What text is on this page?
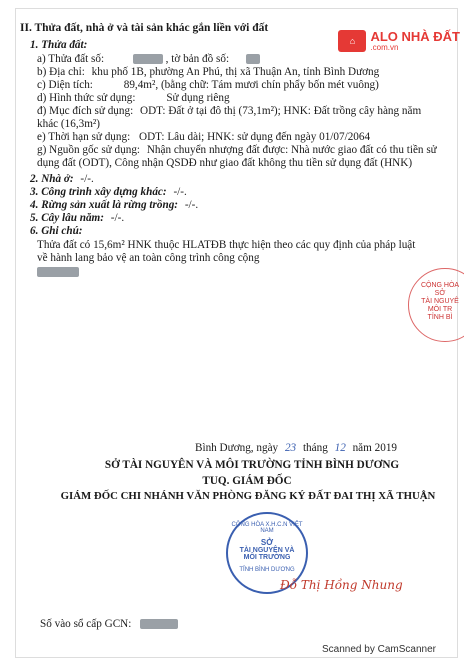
⌂	ALO NHÀ ĐẤT
.com.vn
II. Thửa đất, nhà ở và tài sản khác gắn liền với đất
1. Thửa đất:
a) Thửa đất số:	, tờ bản đồ số:
b) Địa chỉ: khu phố 1B, phường An Phú, thị xã Thuận An, tỉnh Bình Dương
c) Diện tích:	89,4m², (bằng chữ: Tám mươi chín phẩy bốn mét vuông)
d) Hình thức sử dụng:	Sử dụng riêng
đ) Mục đích sử dụng: ODT: Đất ở tại đô thị (73,1m²); HNK: Đất trồng cây hàng năm
khác (16,3m²)
e) Thời hạn sử dụng: ODT: Lâu dài; HNK: sử dụng đến ngày 01/07/2064
g) Nguồn gốc sử dụng: Nhận chuyển nhượng đất được: Nhà nước giao đất có thu tiền sử
dụng đất (ODT), Công nhận QSDĐ như giao đất không thu tiền sử dụng đất (HNK)
2. Nhà ở: -/-.
3. Công trình xây dựng khác: -/-.
4. Rừng sản xuất là rừng trồng: -/-.
5. Cây lâu năm: -/-.
6. Ghi chú:
Thửa đất có 15,6m² HNK thuộc HLATĐB thực hiện theo các quy định của pháp luật
về hành lang bảo vệ an toàn công trình công cộng
CỘNG HÒA
SỞ
TÀI NGUYÊ
MÔI TR
TỈNH BÌ
Bình Dương, ngày 23 tháng 12 năm 2019
SỞ TÀI NGUYÊN VÀ MÔI TRƯỜNG TỈNH BÌNH DƯƠNG
TUQ. GIÁM ĐỐC
GIÁM ĐỐC CHI NHÁNH VĂN PHÒNG ĐĂNG KÝ ĐẤT ĐAI THỊ XÃ THUẬN
CỘNG HÒA X.H.C.N VIỆT NAM
SỞ
TÀI NGUYÊN VÀ
MÔI TRƯỜNG
TỈNH BÌNH DƯƠNG
Đỗ Thị Hồng Nhung
Số vào sổ cấp GCN:
Scanned by CamScanner
